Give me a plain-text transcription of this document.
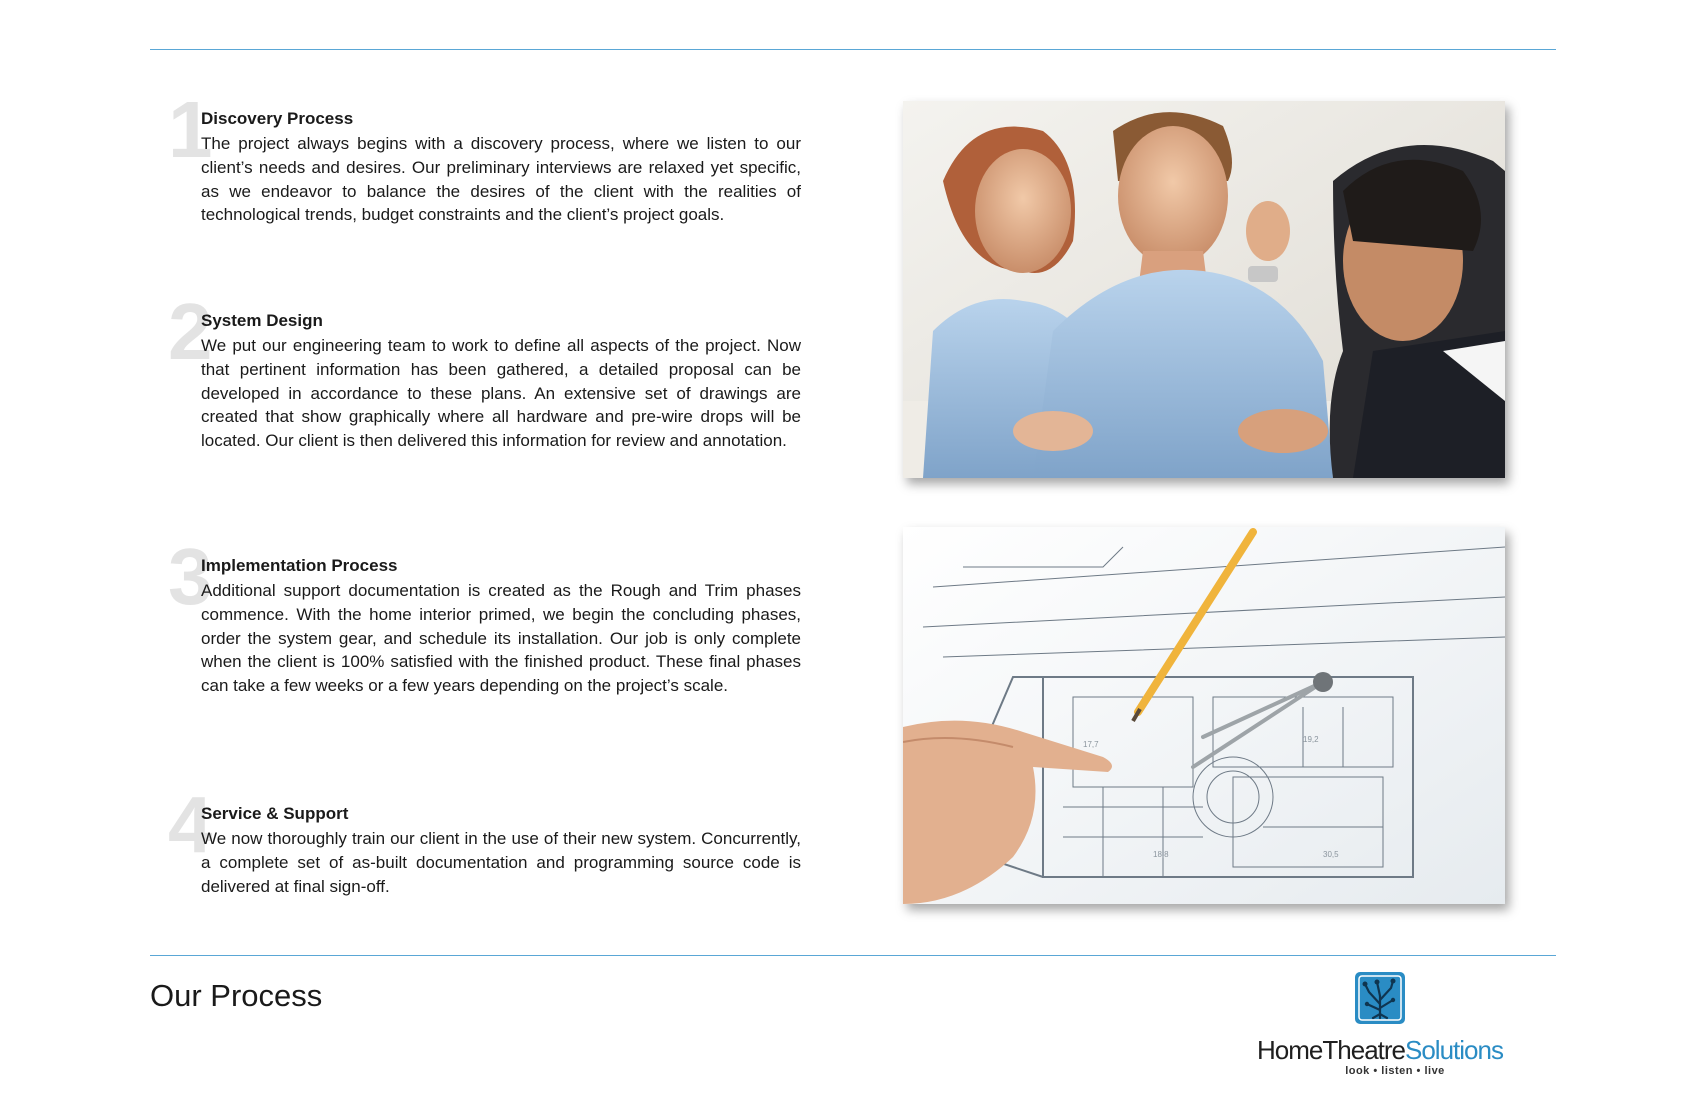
1
Discovery Process

The project always begins with a discovery process, where we listen to our client’s needs and desires. Our preliminary interviews are relaxed yet specific, as we endeavor to balance the desires of the client with the realities of technological trends, budget constraints and the client’s project goals.

2
System Design

We put our engineering team to work to define all aspects of the project. Now that pertinent information has been gathered, a detailed proposal can be developed in accordance to these plans. An extensive set of drawings are created that show graphically where all hardware and pre-wire drops will be located. Our client is then delivered this information for review and annotation.

3
Implementation Process

Additional support documentation is created as the Rough and Trim phases commence. With the home interior primed, we begin the concluding phases, order the system gear, and schedule its installation. Our job is only complete when the client is 100% satisfied with the finished product. These final phases can take a few weeks or a few years depending on the project’s scale.

4
Service & Support

We now thoroughly train our client in the use of their new system. Concurrently, a complete set of as-built documentation and programming source code is delivered at final sign-off.

17,7
19,2
18,8	30,5
Our Process
HomeTheatreSolutions
look • listen • live
